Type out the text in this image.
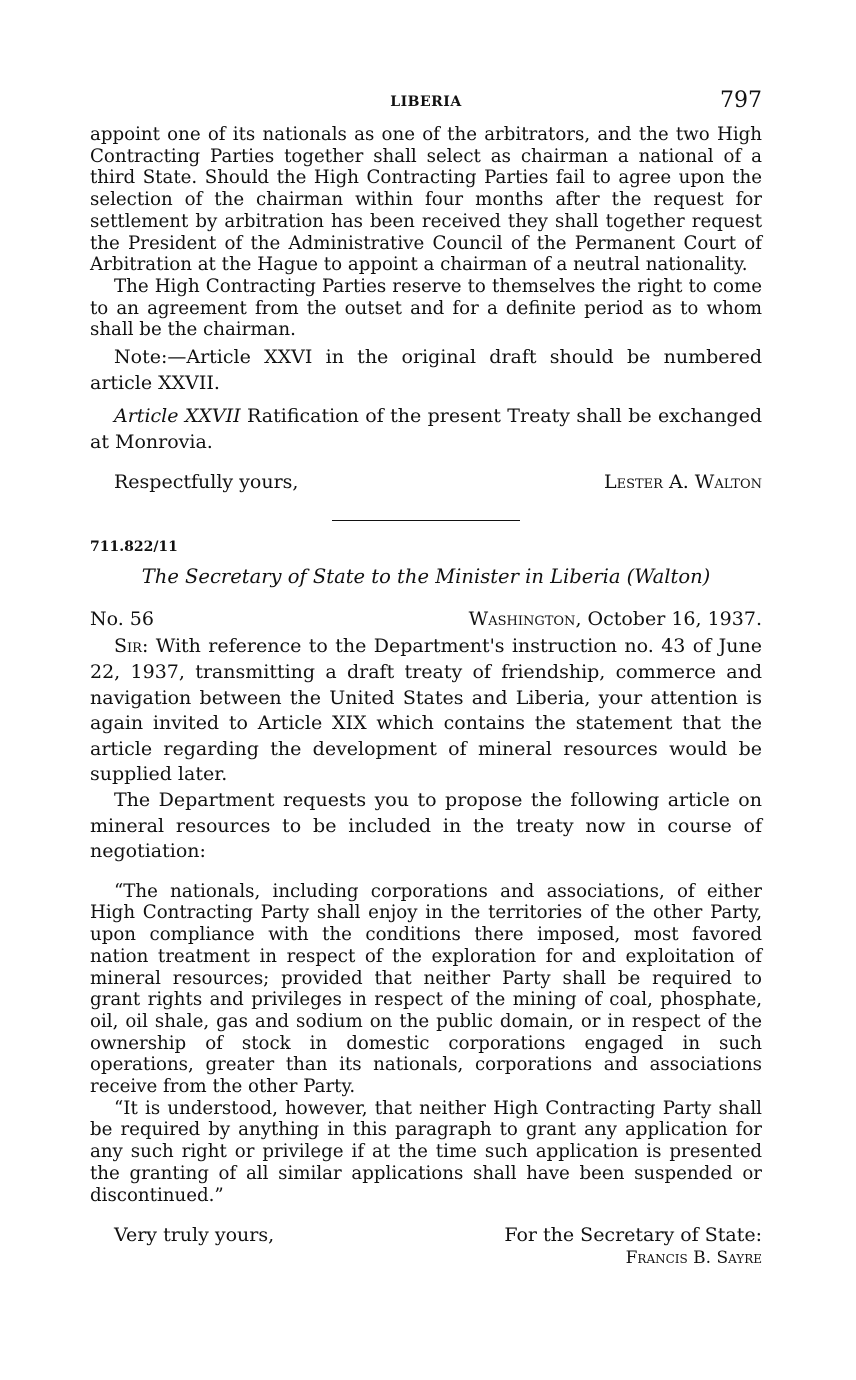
LIBERIA	797

appoint one of its nationals as one of the arbitrators, and the two High Contracting Parties together shall select as chairman a national of a third State. Should the High Contracting Parties fail to agree upon the selection of the chairman within four months after the request for settlement by arbitration has been received they shall together request the President of the Administrative Council of the Permanent Court of Arbitration at the Hague to appoint a chairman of a neutral nationality.

The High Contracting Parties reserve to themselves the right to come to an agreement from the outset and for a definite period as to whom shall be the chairman.

Note:—Article XXVI in the original draft should be numbered article XXVII.

Article XXVII Ratification of the present Treaty shall be exchanged at Monrovia.

Respectfully yours,	Lester A. Walton
711.822/11
The Secretary of State to the Minister in Liberia (Walton)
No. 56	Washington, October 16, 1937.

Sir: With reference to the Department's instruction no. 43 of June 22, 1937, transmitting a draft treaty of friendship, commerce and navigation between the United States and Liberia, your attention is again invited to Article XIX which contains the statement that the article regarding the development of mineral resources would be supplied later.

The Department requests you to propose the following article on mineral resources to be included in the treaty now in course of negotiation:

“The nationals, including corporations and associations, of either High Contracting Party shall enjoy in the territories of the other Party, upon compliance with the conditions there imposed, most favored nation treatment in respect of the exploration for and exploitation of mineral resources; provided that neither Party shall be required to grant rights and privileges in respect of the mining of coal, phosphate, oil, oil shale, gas and sodium on the public domain, or in respect of the ownership of stock in domestic corporations engaged in such operations, greater than its nationals, corporations and associations receive from the other Party.

“It is understood, however, that neither High Contracting Party shall be required by anything in this paragraph to grant any application for any such right or privilege if at the time such application is presented the granting of all similar applications shall have been suspended or discontinued.”

Very truly yours,	For the Secretary of State:
Francis B. Sayre
